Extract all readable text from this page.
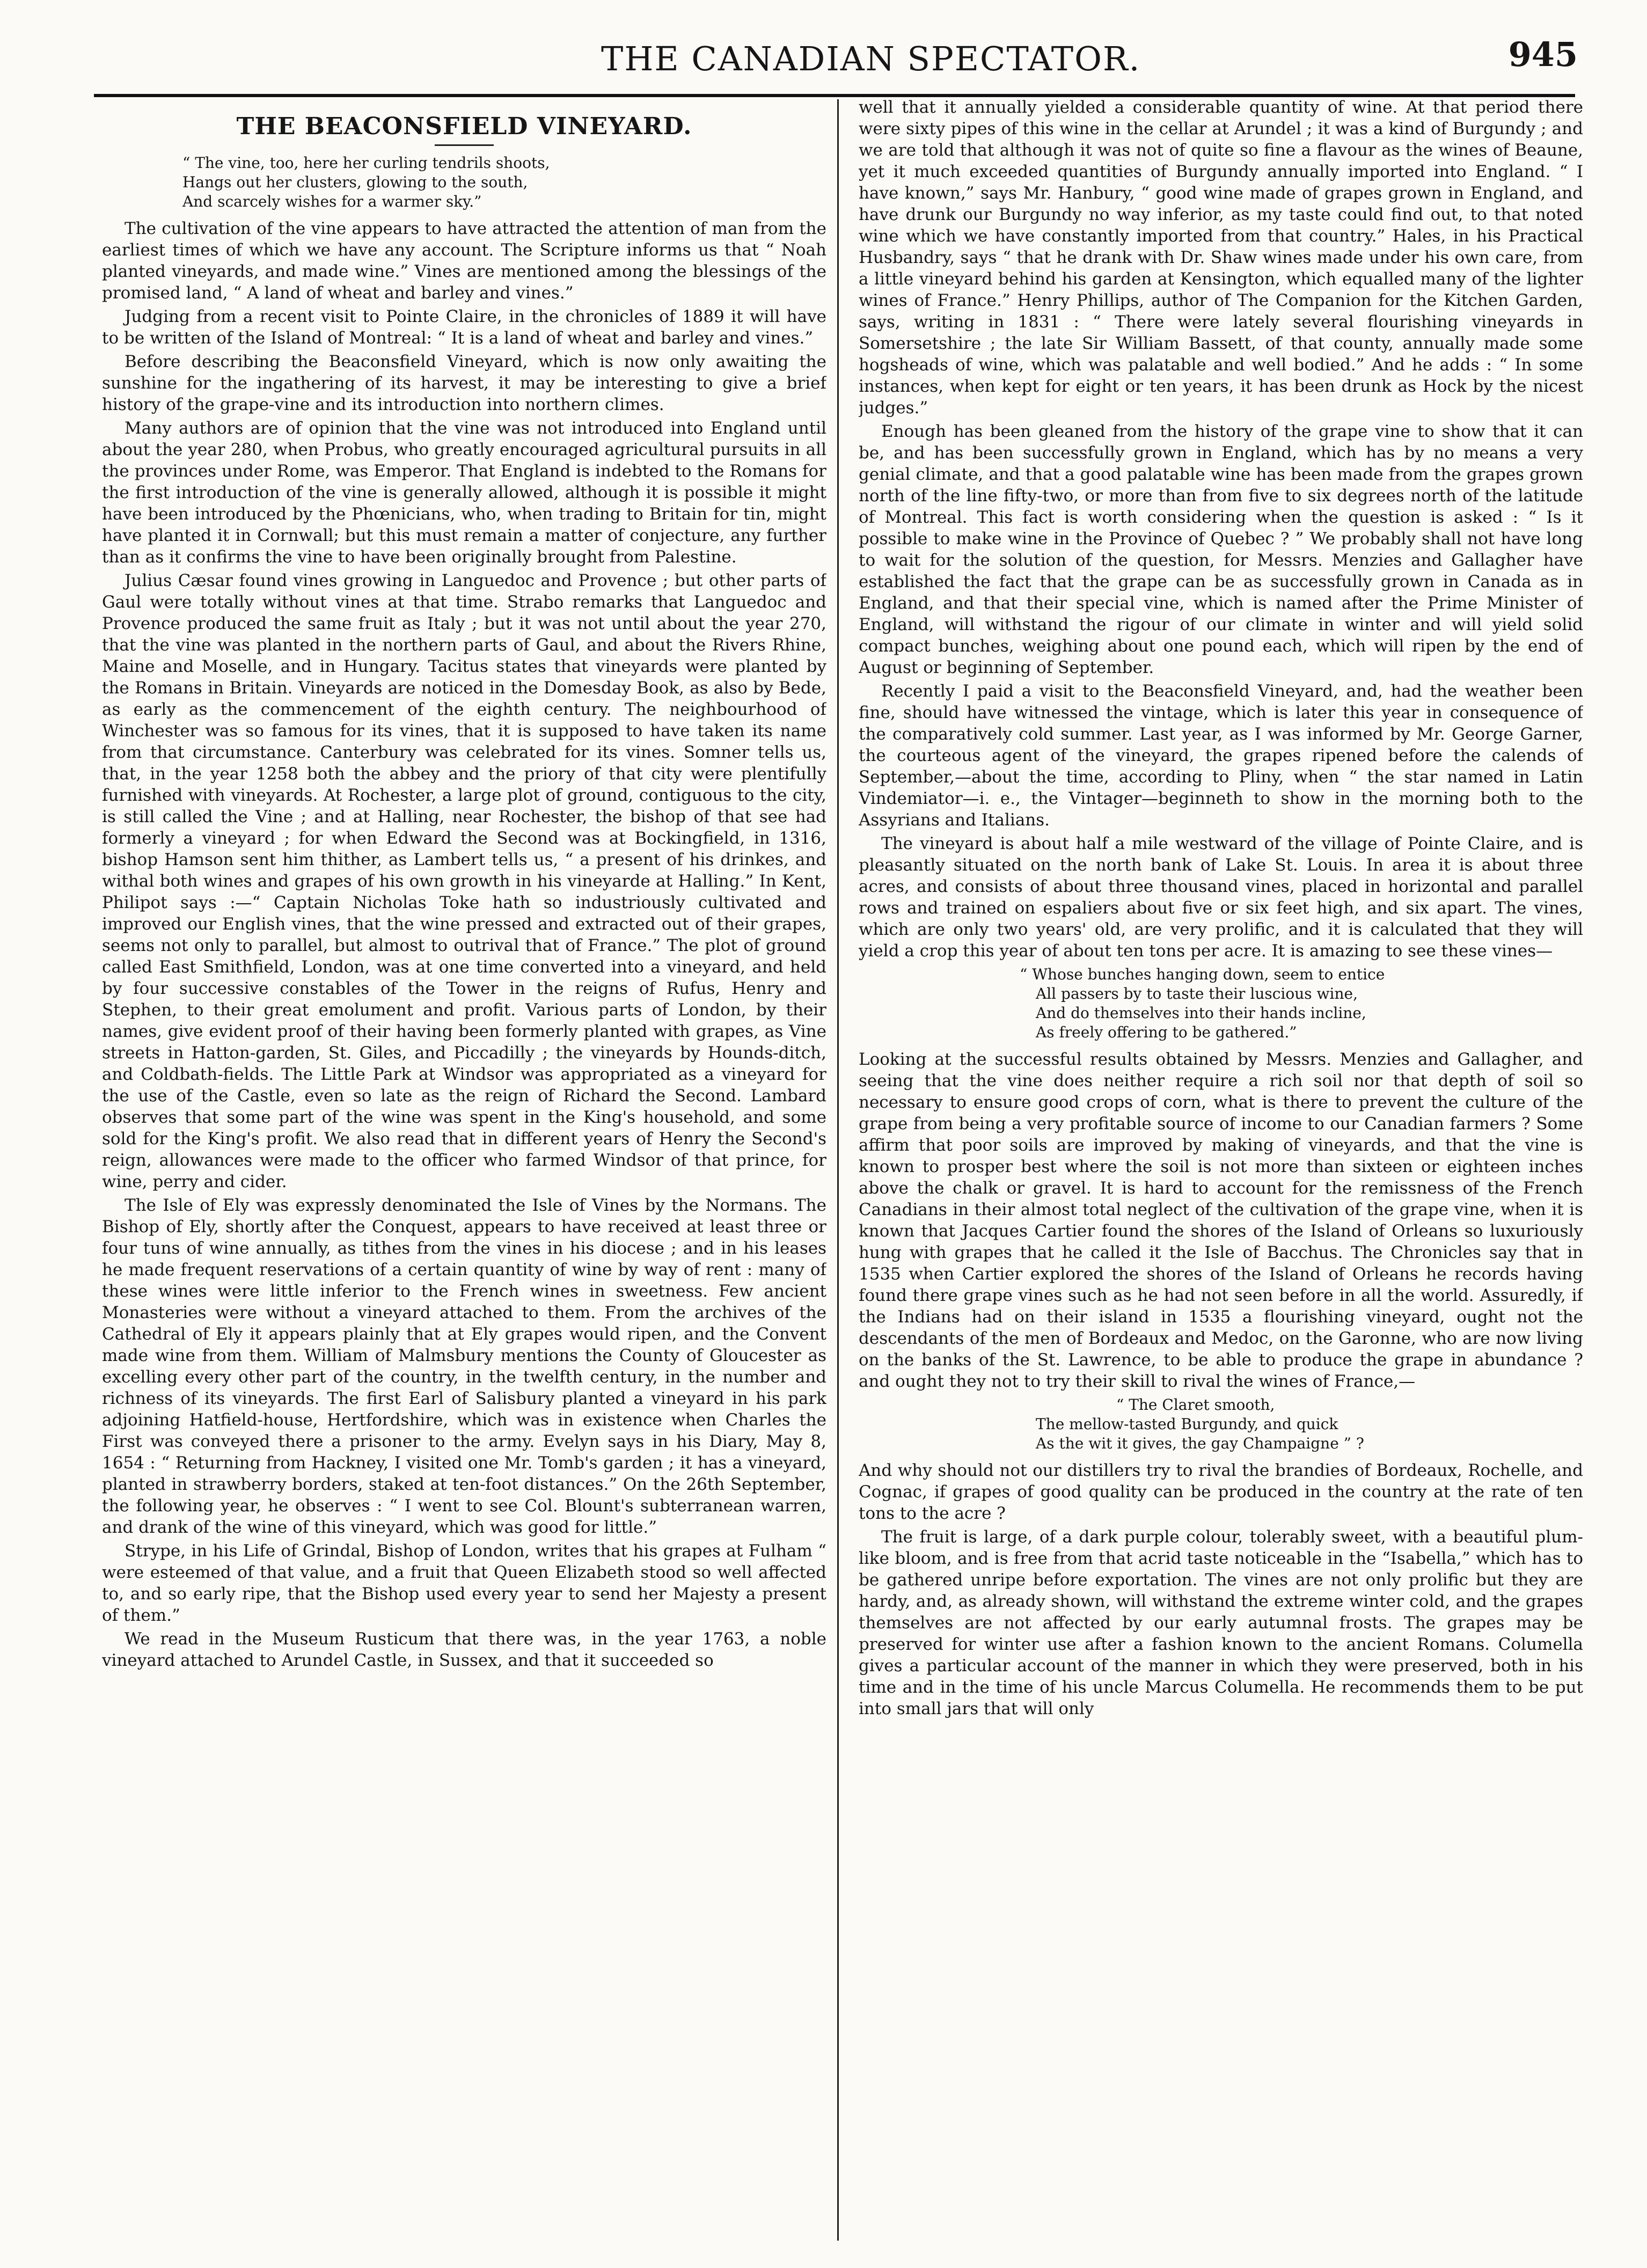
THE CANADIAN SPECTATOR.	945
THE BEACONSFIELD VINEYARD.
“ The vine, too, here her curling tendrils shoots,
Hangs out her clusters, glowing to the south,
And scarcely wishes for a warmer sky.”

The cultivation of the vine appears to have attracted the attention of man from the earliest times of which we have any account. The Scripture informs us that “ Noah planted vineyards, and made wine.” Vines are mentioned among the blessings of the promised land, “ A land of wheat and barley and vines.”

Judging from a recent visit to Pointe Claire, in the chronicles of 1889 it will have to be written of the Island of Montreal: “ It is a land of wheat and barley and vines.”

Before describing the Beaconsfield Vineyard, which is now only awaiting the sunshine for the ingathering of its harvest, it may be interesting to give a brief history of the grape-vine and its introduction into northern climes.

Many authors are of opinion that the vine was not introduced into England until about the year 280, when Probus, who greatly encouraged agricultural pursuits in all the provinces under Rome, was Emperor. That England is indebted to the Romans for the first introduction of the vine is generally allowed, although it is possible it might have been introduced by the Phœnicians, who, when trading to Britain for tin, might have planted it in Cornwall; but this must remain a matter of conjecture, any further than as it confirms the vine to have been originally brought from Palestine.

Julius Cæsar found vines growing in Languedoc and Provence ; but other parts of Gaul were totally without vines at that time. Strabo remarks that Languedoc and Provence produced the same fruit as Italy ; but it was not until about the year 270, that the vine was planted in the northern parts of Gaul, and about the Rivers Rhine, Maine and Moselle, and in Hungary. Tacitus states that vineyards were planted by the Romans in Britain. Vineyards are noticed in the Domesday Book, as also by Bede, as early as the commencement of the eighth century. The neighbourhood of Winchester was so famous for its vines, that it is supposed to have taken its name from that circumstance. Canterbury was celebrated for its vines. Somner tells us, that, in the year 1258 both the abbey and the priory of that city were plentifully furnished with vineyards. At Rochester, a large plot of ground, contiguous to the city, is still called the Vine ; and at Halling, near Rochester, the bishop of that see had formerly a vineyard ; for when Edward the Second was at Bockingfield, in 1316, bishop Hamson sent him thither, as Lambert tells us, “ a present of his drinkes, and withal both wines and grapes of his own growth in his vineyarde at Halling.” In Kent, Philipot says :—“ Captain Nicholas Toke hath so industriously cultivated and improved our English vines, that the wine pressed and extracted out of their grapes, seems not only to parallel, but almost to outrival that of France.” The plot of ground called East Smithfield, London, was at one time converted into a vineyard, and held by four successive constables of the Tower in the reigns of Rufus, Henry and Stephen, to their great emolument and profit. Various parts of London, by their names, give evident proof of their having been formerly planted with grapes, as Vine streets in Hatton-garden, St. Giles, and Piccadilly ; the vineyards by Hounds-ditch, and Coldbath-fields. The Little Park at Windsor was appropriated as a vineyard for the use of the Castle, even so late as the reign of Richard the Second. Lambard observes that some part of the wine was spent in the King's household, and some sold for the King's profit. We also read that in different years of Henry the Second's reign, allowances were made to the officer who farmed Windsor of that prince, for wine, perry and cider.

The Isle of Ely was expressly denominated the Isle of Vines by the Normans. The Bishop of Ely, shortly after the Conquest, appears to have received at least three or four tuns of wine annually, as tithes from the vines in his diocese ; and in his leases he made frequent reservations of a certain quantity of wine by way of rent : many of these wines were little inferior to the French wines in sweetness. Few ancient Monasteries were without a vineyard attached to them. From the archives of the Cathedral of Ely it appears plainly that at Ely grapes would ripen, and the Convent made wine from them. William of Malmsbury mentions the County of Gloucester as excelling every other part of the country, in the twelfth century, in the number and richness of its vineyards. The first Earl of Salisbury planted a vineyard in his park adjoining Hatfield-house, Hertfordshire, which was in existence when Charles the First was conveyed there a prisoner to the army. Evelyn says in his Diary, May 8, 1654 : “ Returning from Hackney, I visited one Mr. Tomb's garden ; it has a vineyard, planted in strawberry borders, staked at ten-foot distances.” On the 26th September, the following year, he observes : “ I went to see Col. Blount's subterranean warren, and drank of the wine of this vineyard, which was good for little.”

Strype, in his Life of Grindal, Bishop of London, writes that his grapes at Fulham “ were esteemed of that value, and a fruit that Queen Elizabeth stood so well affected to, and so early ripe, that the Bishop used every year to send her Majesty a present of them.”

We read in the Museum Rusticum that there was, in the year 1763, a noble vineyard attached to Arundel Castle, in Sussex, and that it succeeded so

well that it annually yielded a considerable quantity of wine. At that period there were sixty pipes of this wine in the cellar at Arundel ; it was a kind of Burgundy ; and we are told that although it was not of quite so fine a flavour as the wines of Beaune, yet it much exceeded quantities of Burgundy annually imported into England. “ I have known,” says Mr. Hanbury, “ good wine made of grapes grown in England, and have drunk our Burgundy no way inferior, as my taste could find out, to that noted wine which we have constantly imported from that country.” Hales, in his Practical Husbandry, says “ that he drank with Dr. Shaw wines made under his own care, from a little vineyard behind his garden at Kensington, which equalled many of the lighter wines of France.” Henry Phillips, author of The Companion for the Kitchen Garden, says, writing in 1831 : “ There were lately several flourishing vineyards in Somersetshire ; the late Sir William Bassett, of that county, annually made some hogsheads of wine, which was palatable and well bodied.” And he adds : “ In some instances, when kept for eight or ten years, it has been drunk as Hock by the nicest judges.”

Enough has been gleaned from the history of the grape vine to show that it can be, and has been successfully grown in England, which has by no means a very genial climate, and that a good palatable wine has been made from the grapes grown north of the line fifty-two, or more than from five to six degrees north of the latitude of Montreal. This fact is worth considering when the question is asked : “ Is it possible to make wine in the Province of Quebec ? ” We probably shall not have long to wait for the solution of the question, for Messrs. Menzies and Gallagher have established the fact that the grape can be as successfully grown in Canada as in England, and that their special vine, which is named after the Prime Minister of England, will withstand the rigour of our climate in winter and will yield solid compact bunches, weighing about one pound each, which will ripen by the end of August or beginning of September.

Recently I paid a visit to the Beaconsfield Vineyard, and, had the weather been fine, should have witnessed the vintage, which is later this year in consequence of the comparatively cold summer. Last year, as I was informed by Mr. George Garner, the courteous agent of the vineyard, the grapes ripened before the calends of September,—about the time, according to Pliny, when “ the star named in Latin Vindemiator—i. e., the Vintager—beginneth to show in the morning both to the Assyrians and Italians.

The vineyard is about half a mile westward of the village of Pointe Claire, and is pleasantly situated on the north bank of Lake St. Louis. In area it is about three acres, and consists of about three thousand vines, placed in horizontal and parallel rows and trained on espaliers about five or six feet high, and six apart. The vines, which are only two years' old, are very prolific, and it is calculated that they will yield a crop this year of about ten tons per acre. It is amazing to see these vines—

“ Whose bunches hanging down, seem to entice
All passers by to taste their luscious wine,
And do themselves into their hands incline,
As freely offering to be gathered.”

Looking at the successful results obtained by Messrs. Menzies and Gallagher, and seeing that the vine does neither require a rich soil nor that depth of soil so necessary to ensure good crops of corn, what is there to prevent the culture of the grape from being a very profitable source of income to our Canadian farmers ? Some affirm that poor soils are improved by making of vineyards, and that the vine is known to prosper best where the soil is not more than sixteen or eighteen inches above the chalk or gravel. It is hard to account for the remissness of the French Canadians in their almost total neglect of the cultivation of the grape vine, when it is known that Jacques Cartier found the shores of the Island of Orleans so luxuriously hung with grapes that he called it the Isle of Bacchus. The Chronicles say that in 1535 when Cartier explored the shores of the Island of Orleans he records having found there grape vines such as he had not seen before in all the world. Assuredly, if the Indians had on their island in 1535 a flourishing vineyard, ought not the descendants of the men of Bordeaux and Medoc, on the Garonne, who are now living on the banks of the St. Lawrence, to be able to produce the grape in abundance ? and ought they not to try their skill to rival the wines of France,—

“ The Claret smooth,
The mellow-tasted Burgundy, and quick
As the wit it gives, the gay Champaigne ” ?

And why should not our distillers try to rival the brandies of Bordeaux, Rochelle, and Cognac, if grapes of good quality can be produced in the country at the rate of ten tons to the acre ?

The fruit is large, of a dark purple colour, tolerably sweet, with a beautiful plum-like bloom, and is free from that acrid taste noticeable in the “Isabella,” which has to be gathered unripe before exportation. The vines are not only prolific but they are hardy, and, as already shown, will withstand the extreme winter cold, and the grapes themselves are not affected by our early autumnal frosts. The grapes may be preserved for winter use after a fashion known to the ancient Romans. Columella gives a particular account of the manner in which they were preserved, both in his time and in the time of his uncle Marcus Columella. He recommends them to be put into small jars that will only
